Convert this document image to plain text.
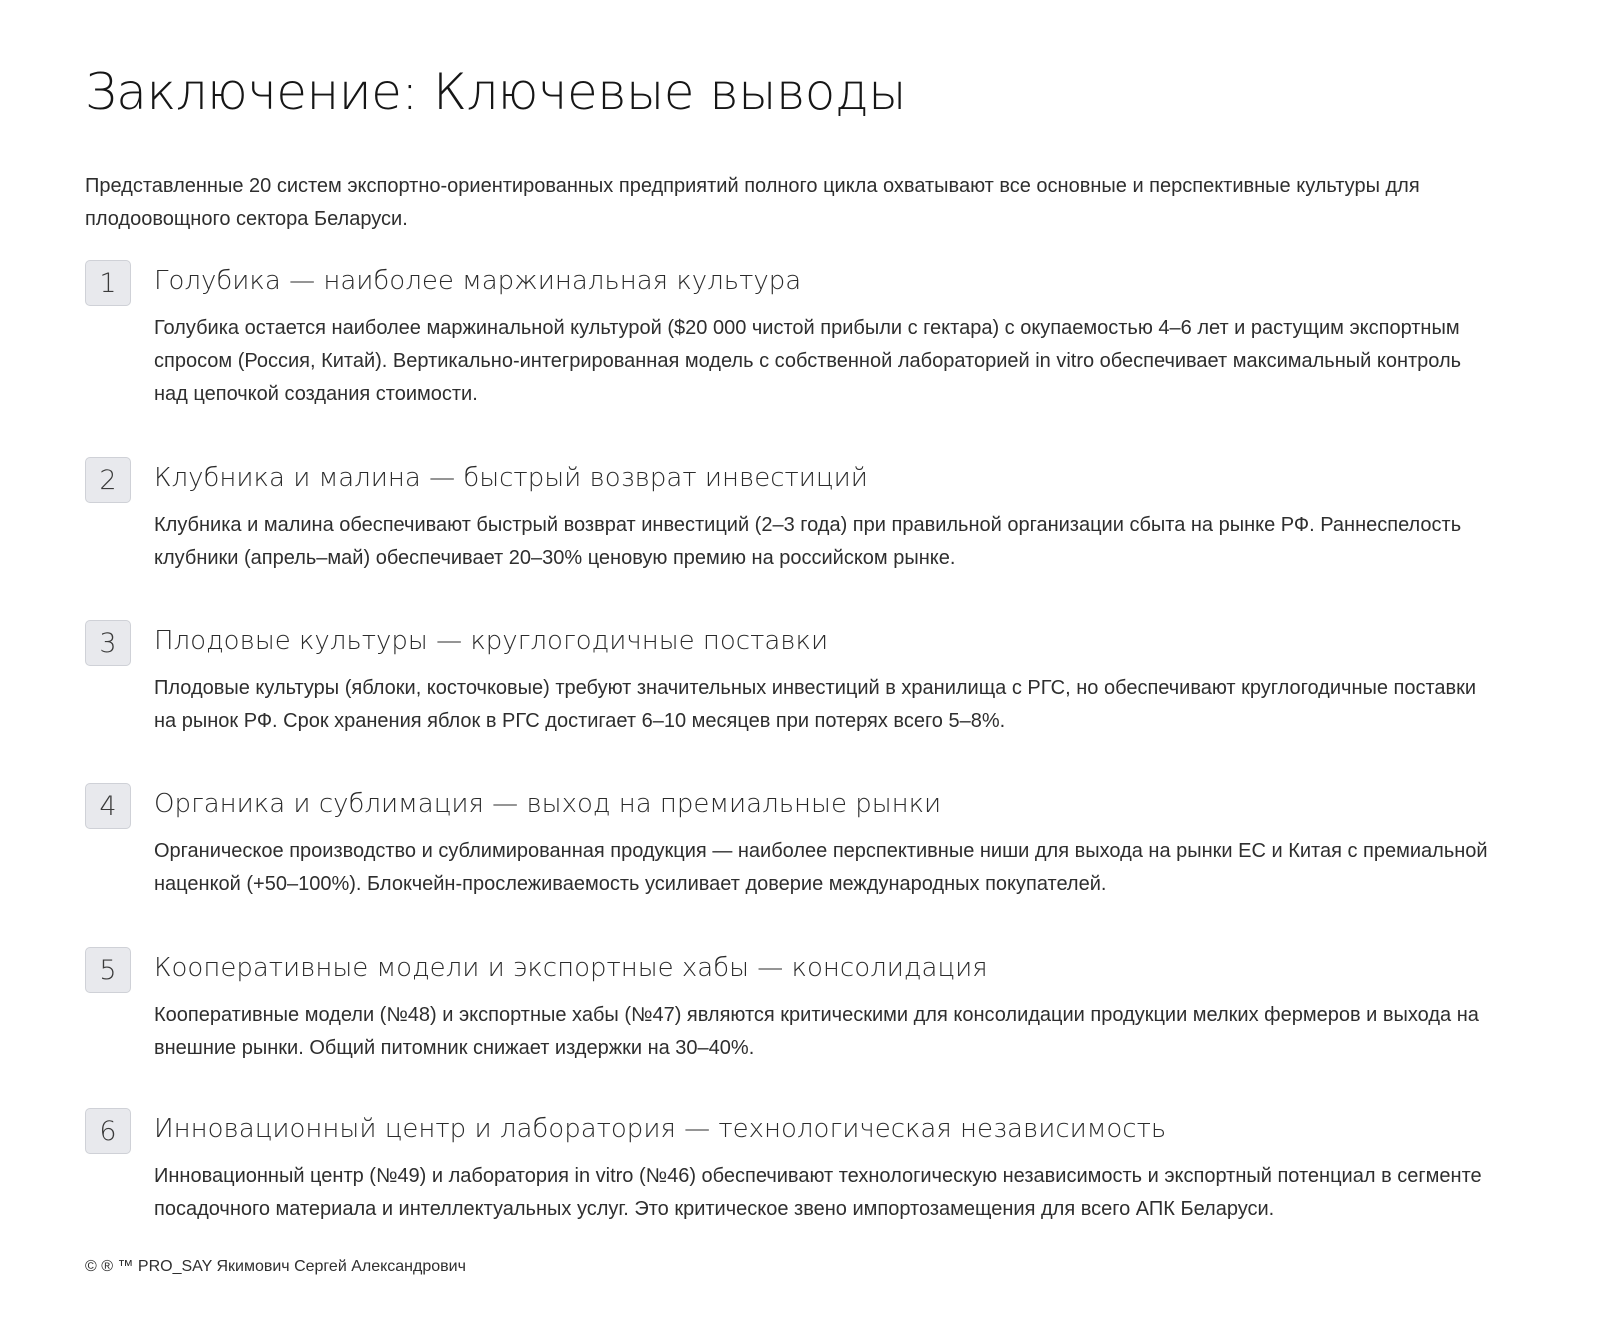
Заключение: Ключевые выводы

Представленные 20 систем экспортно-ориентированных предприятий полного цикла охватывают все основные и перспективные культуры для плодоовощного сектора Беларуси.

1	Голубика — наиболее маржинальная культура

Голубика остается наиболее маржинальной культурой ($20 000 чистой прибыли с гектара) с окупаемостью 4–6 лет и растущим экспортным спросом (Россия, Китай). Вертикально-интегрированная модель с собственной лабораторией in vitro обеспечивает максимальный контроль над цепочкой создания стоимости.

2	Клубника и малина — быстрый возврат инвестиций

Клубника и малина обеспечивают быстрый возврат инвестиций (2–3 года) при правильной организации сбыта на рынке РФ. Раннеспелость клубники (апрель–май) обеспечивает 20–30% ценовую премию на российском рынке.

3	Плодовые культуры — круглогодичные поставки

Плодовые культуры (яблоки, косточковые) требуют значительных инвестиций в хранилища с РГС, но обеспечивают круглогодичные поставки на рынок РФ. Срок хранения яблок в РГС достигает 6–10 месяцев при потерях всего 5–8%.

4	Органика и сублимация — выход на премиальные рынки

Органическое производство и сублимированная продукция — наиболее перспективные ниши для выхода на рынки ЕС и Китая с премиальной наценкой (+50–100%). Блокчейн-прослеживаемость усиливает доверие международных покупателей.

5	Кооперативные модели и экспортные хабы — консолидация

Кооперативные модели (№48) и экспортные хабы (№47) являются критическими для консолидации продукции мелких фермеров и выхода на внешние рынки. Общий питомник снижает издержки на 30–40%.

6	Инновационный центр и лаборатория — технологическая независимость

Инновационный центр (№49) и лаборатория in vitro (№46) обеспечивают технологическую независимость и экспортный потенциал в сегменте посадочного материала и интеллектуальных услуг. Это критическое звено импортозамещения для всего АПК Беларуси.

© ® ™ PRO_SAY Якимович Сергей Александрович
